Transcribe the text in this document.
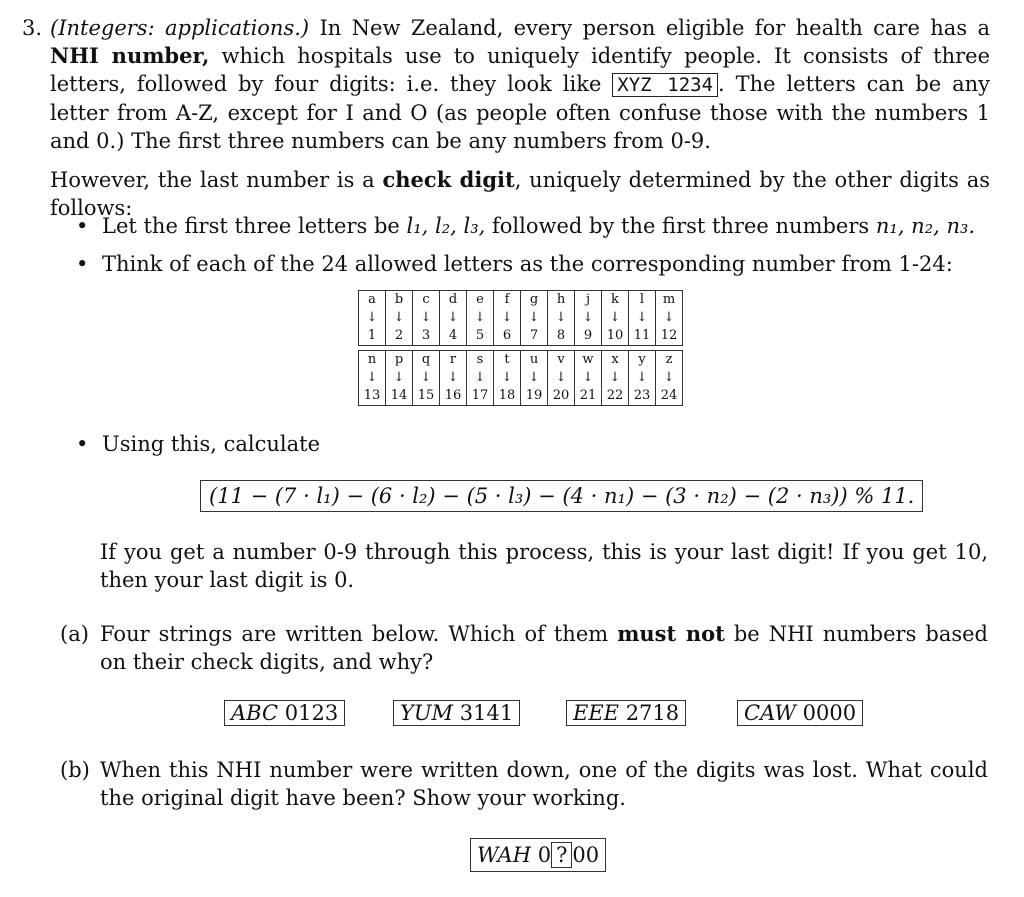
3. (Integers: applications.) In New Zealand, every person eligible for health care has a NHI number, which hospitals use to uniquely identify people. It consists of three letters, followed by four digits: i.e. they look like XYZ 1234 . The letters can be any letter from A-Z, except for I and O (as people often confuse those with the numbers 1 and 0.) The first three numbers can be any numbers from 0-9.
However, the last number is a check digit, uniquely determined by the other digits as follows:
• Let the first three letters be l₁, l₂, l₃, followed by the first three numbers n₁, n₂, n₃.
• Think of each of the 24 allowed letters as the corresponding number from 1-24:
a	b	c	d	e	f	g	h	j	k	l	m
↓	↓	↓	↓	↓	↓	↓	↓	↓	↓	↓	↓
1	2	3	4	5	6	7	8	9	10	11	12
n	p	q	r	s	t	u	v	w	x	y	z
↓	↓	↓	↓	↓	↓	↓	↓	↓	↓	↓	↓
13	14	15	16	17	18	19	20	21	22	23	24
• Using this, calculate
(11 − (7 · l₁) − (6 · l₂) − (5 · l₃) − (4 · n₁) − (3 · n₂) − (2 · n₃)) % 11.
If you get a number 0-9 through this process, this is your last digit! If you get 10, then your last digit is 0.
(a) Four strings are written below. Which of them must not be NHI numbers based on their check digits, and why?
ABC 0123	YUM 3141	EEE 2718	CAW 0000
(b) When this NHI number were written down, one of the digits was lost. What could the original digit have been? Show your working.
WAH 0 ? 00
